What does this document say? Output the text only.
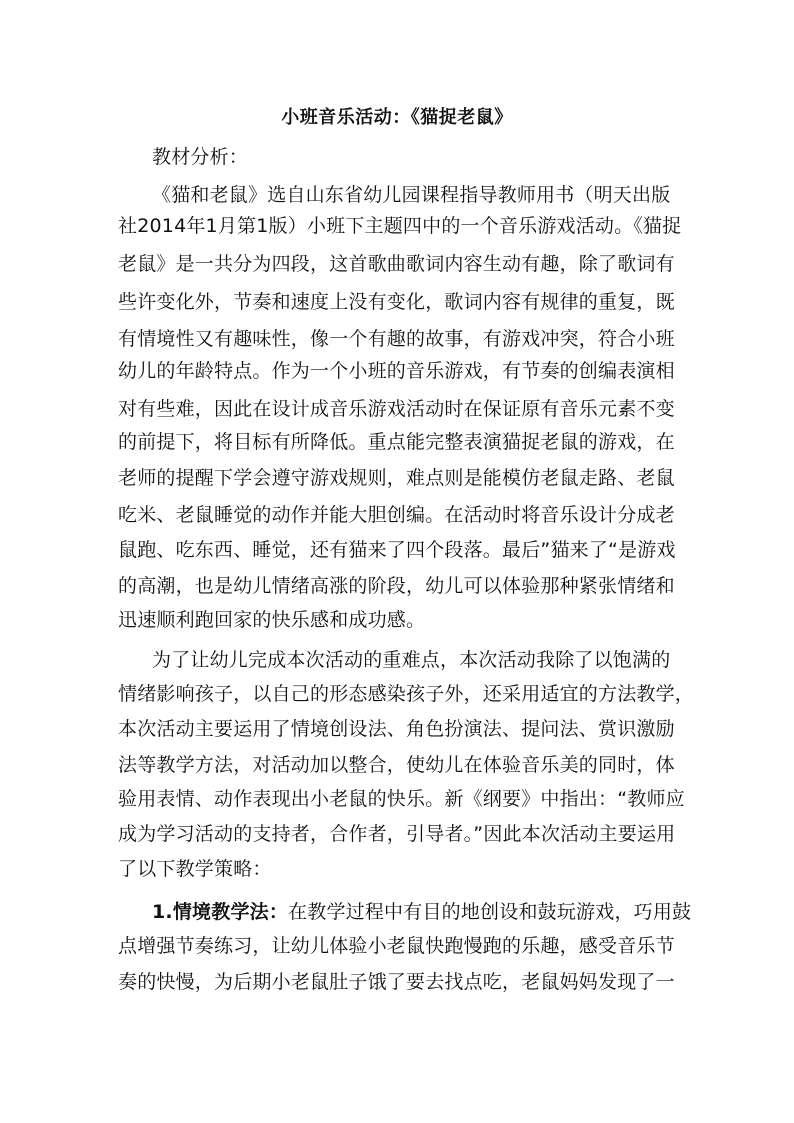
小班音乐活动：《猫捉老鼠》
教材分析：
《猫和老鼠》选自山东省幼儿园课程指导教师用书（明天出版
社2014年1月第1版）小班下主题四中的一个音乐游戏活动。《猫捉
老鼠》是一共分为四段，这首歌曲歌词内容生动有趣，除了歌词有
些许变化外，节奏和速度上没有变化，歌词内容有规律的重复，既
有情境性又有趣味性，像一个有趣的故事，有游戏冲突，符合小班
幼儿的年龄特点。作为一个小班的音乐游戏，有节奏的创编表演相
对有些难，因此在设计成音乐游戏活动时在保证原有音乐元素不变
的前提下，将目标有所降低。重点能完整表演猫捉老鼠的游戏，在
老师的提醒下学会遵守游戏规则，难点则是能模仿老鼠走路、老鼠
吃米、老鼠睡觉的动作并能大胆创编。在活动时将音乐设计分成老
鼠跑、吃东西、睡觉，还有猫来了四个段落。最后”猫来了“是游戏
的高潮，也是幼儿情绪高涨的阶段，幼儿可以体验那种紧张情绪和
迅速顺利跑回家的快乐感和成功感。
为了让幼儿完成本次活动的重难点，本次活动我除了以饱满的
情绪影响孩子，以自己的形态感染孩子外，还采用适宜的方法教学，
本次活动主要运用了情境创设法、角色扮演法、提问法、赏识激励
法等教学方法，对活动加以整合，使幼儿在体验音乐美的同时，体
验用表情、动作表现出小老鼠的快乐。新《纲要》中指出：“教师应
成为学习活动的支持者，合作者，引导者。”因此本次活动主要运用
了以下教学策略：
1.情境教学法：在教学过程中有目的地创设和鼓玩游戏，巧用鼓
点增强节奏练习，让幼儿体验小老鼠快跑慢跑的乐趣，感受音乐节
奏的快慢，为后期小老鼠肚子饿了要去找点吃，老鼠妈妈发现了一
